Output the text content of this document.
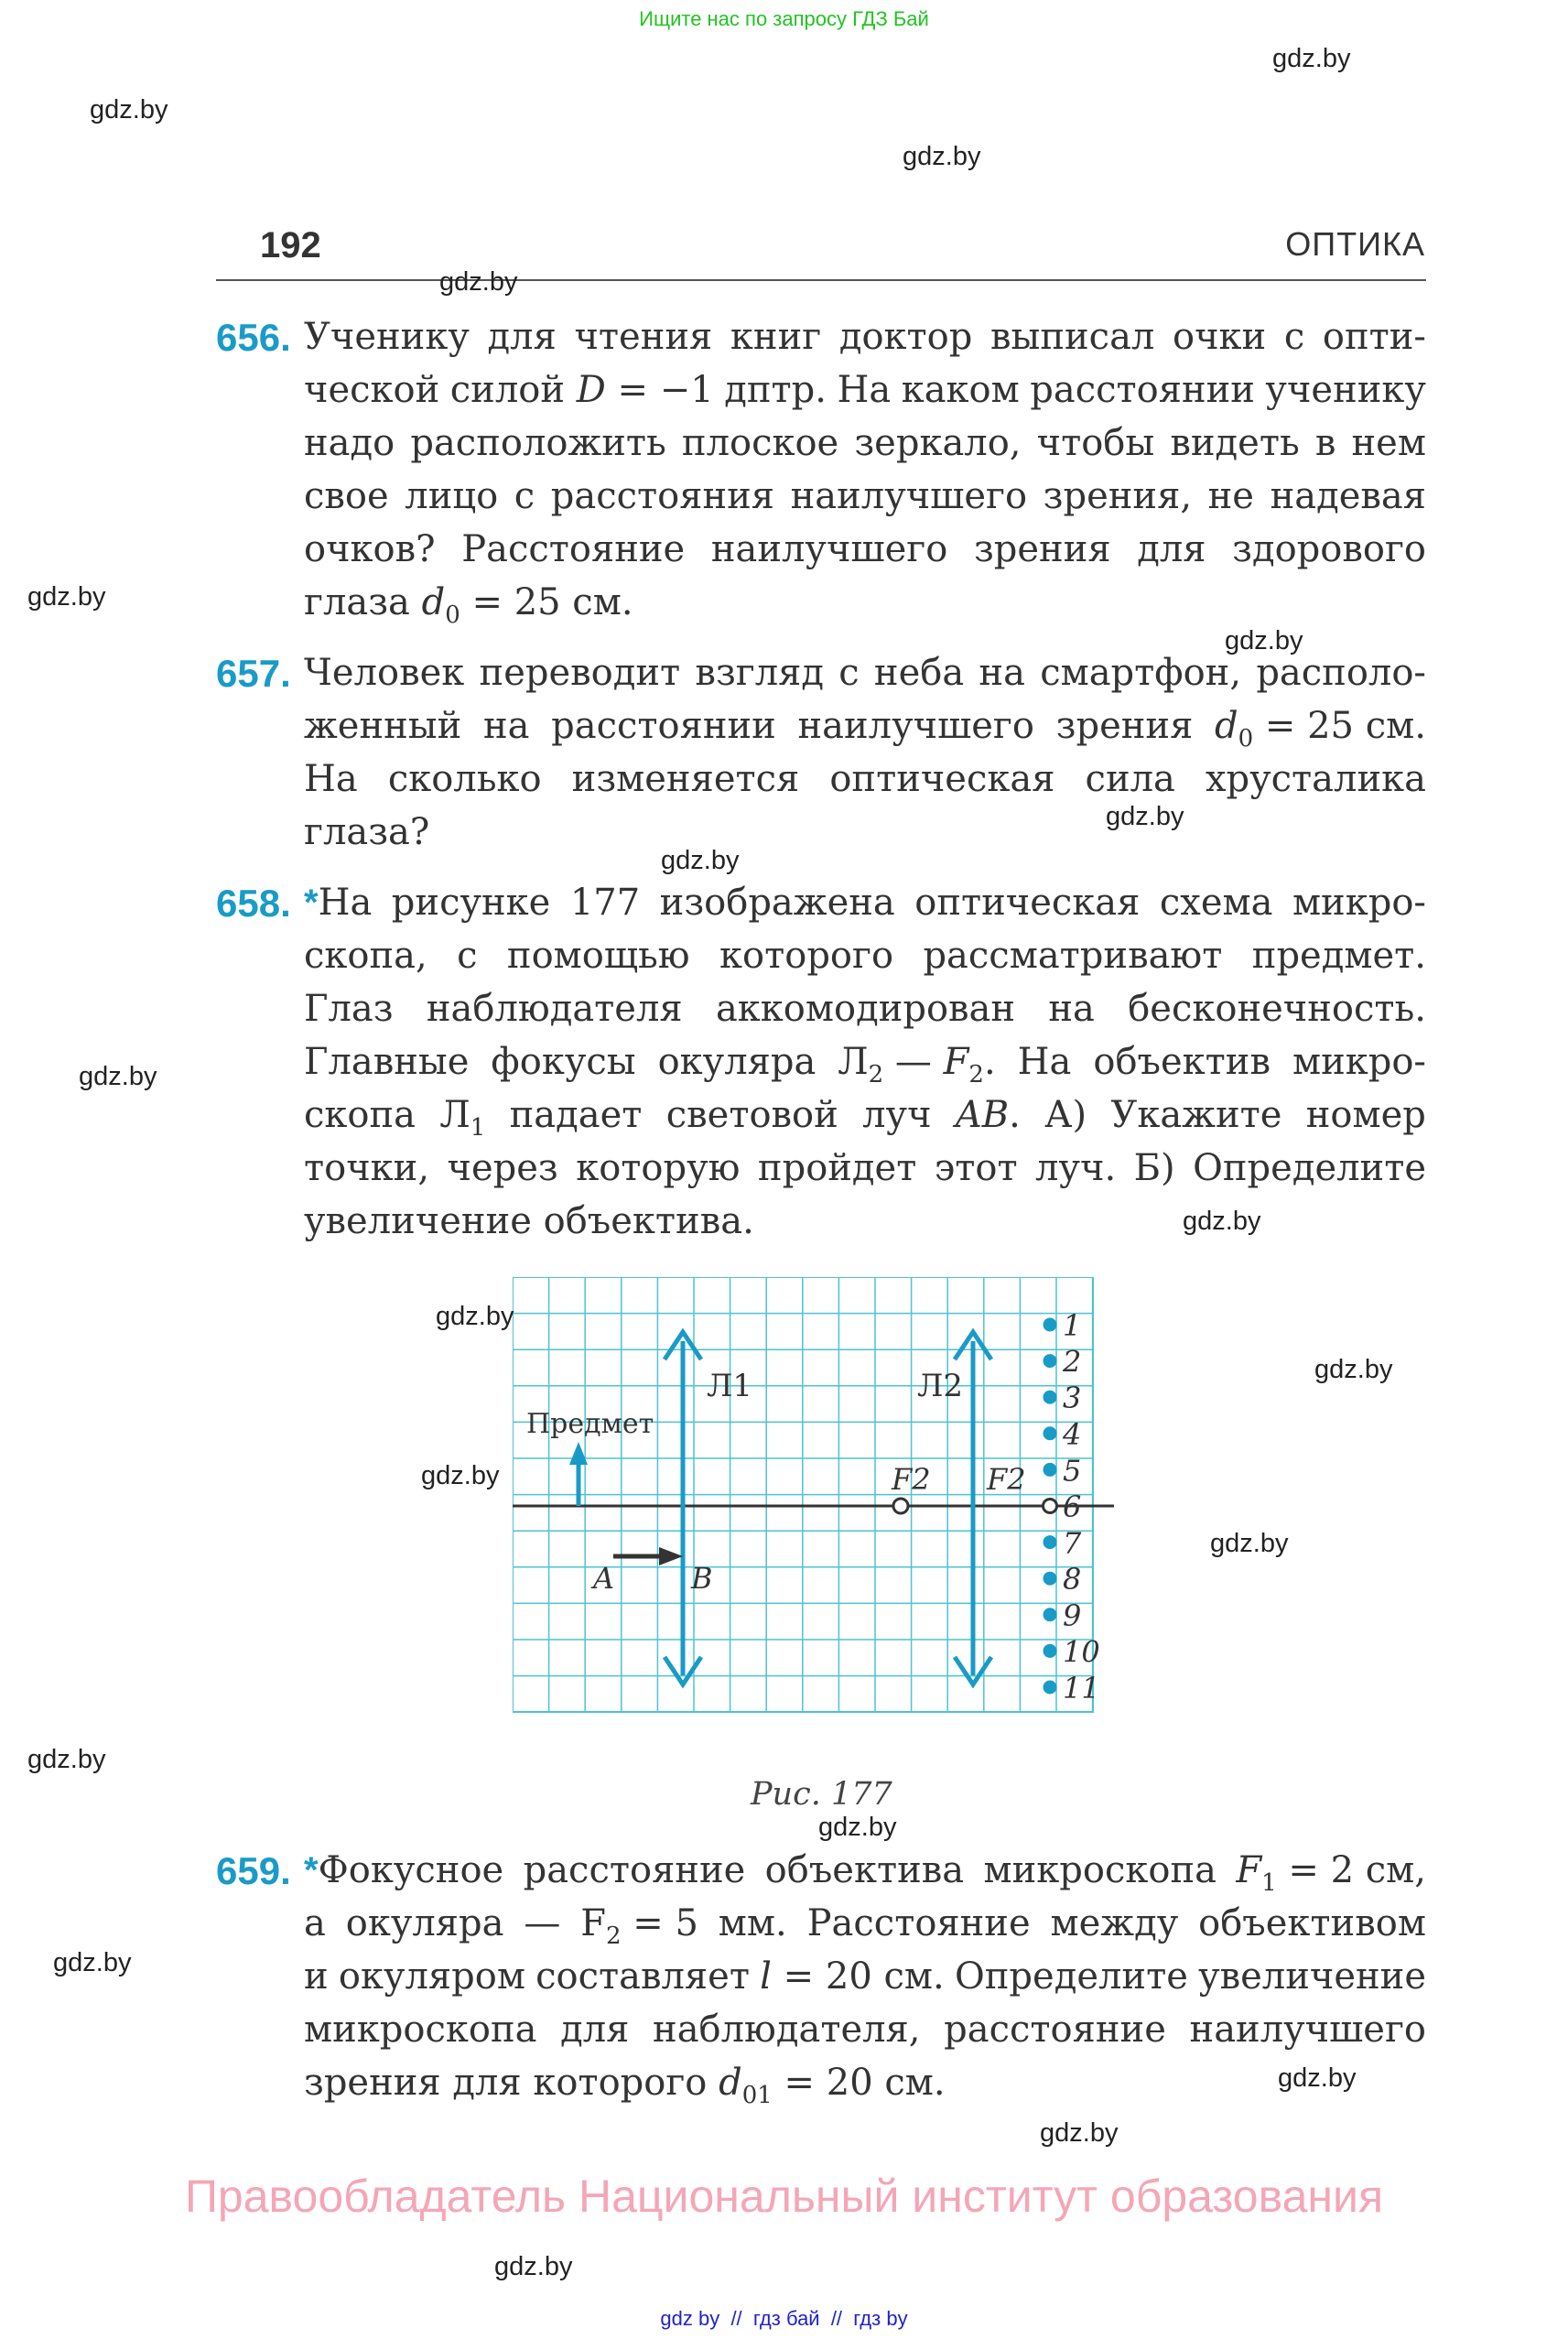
Ищите нас по запросу ГДЗ Бай
192	ОПТИКА
656. Ученику для чтения книг доктор выписал очки с опти-
ческой силой D = −1 дптр. На каком расстоянии ученику
надо расположить плоское зеркало, чтобы видеть в нем
свое лицо с расстояния наилучшего зрения, не надевая
очков? Расстояние наилучшего зрения для здорового
глаза $d_0 = 25$ см.
657. Человек переводит взгляд с неба на смартфон, располо-
женный на расстоянии наилучшего зрения $d_0 = 25$ см.
На сколько изменяется оптическая сила хрусталика
глаза?
658. *На рисунке 177 изображена оптическая схема микро-
скопа, с помощью которого рассматривают предмет.
Глаз наблюдателя аккомодирован на бесконечность.
Главные фокусы окуляра $Л_2$ — $F_2$. На объектив микро-
скопа $Л_1$ падает световой луч AB. А) Укажите номер
точки, через которую пройдет этот луч. Б) Определите
увеличение объектива.
Л1	Л2
Предмет
F2 F2
A	B
1
2
3
4
5
6
7
8
9
10
11
Рис. 177
659. *Фокусное расстояние объектива микроскопа $F_1 = 2$ см,
а окуляра — $F_2 = 5$ мм. Расстояние между объективом
и окуляром составляет l = 20 см. Определите увеличение
микроскопа для наблюдателя, расстояние наилучшего
зрения для которого $d_{01} = 20$ см.
Правообладатель Национальный институт образования
gdz.by
gdz.by
gdz.by
gdz.by
gdz.by
gdz.by
gdz.by
gdz.by
gdz.by
gdz.by
gdz.by
gdz.by
gdz.by
gdz.by
gdz.by
gdz.by
gdz.by
gdz.by
gdz.by
gdz.by
gdz by  //  гдз бай  //  гдз by
